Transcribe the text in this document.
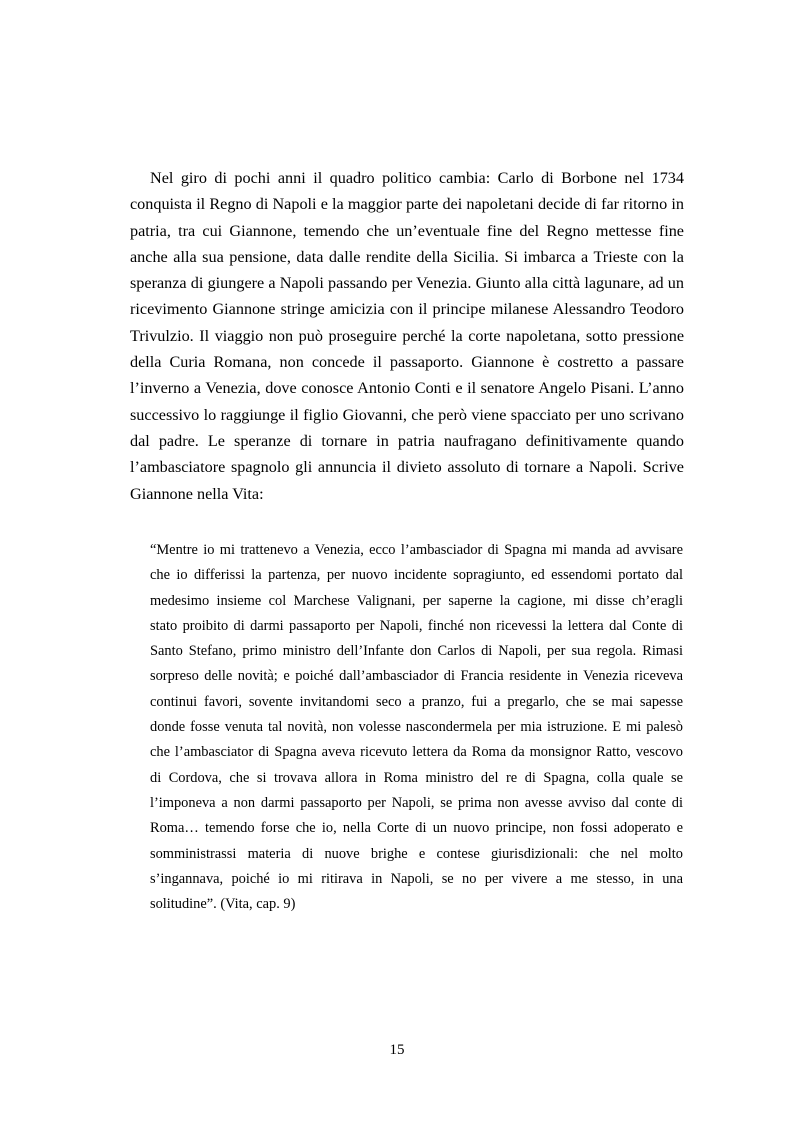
Nel giro di pochi anni il quadro politico cambia: Carlo di Borbone nel 1734
conquista il Regno di Napoli e la maggior parte dei napoletani decide di far ritorno in
patria, tra cui Giannone, temendo che un’eventuale fine del Regno mettesse fine
anche alla sua pensione, data dalle rendite della Sicilia. Si imbarca a Trieste con la
speranza di giungere a Napoli passando per Venezia. Giunto alla città lagunare, ad un
ricevimento Giannone stringe amicizia con il principe milanese Alessandro Teodoro
Trivulzio. Il viaggio non può proseguire perché la corte napoletana, sotto pressione
della Curia Romana, non concede il passaporto. Giannone è costretto a passare
l’inverno a Venezia, dove conosce Antonio Conti e il senatore Angelo Pisani. L’anno
successivo lo raggiunge il figlio Giovanni, che però viene spacciato per uno scrivano
dal padre. Le speranze di tornare in patria naufragano definitivamente quando
l’ambasciatore spagnolo gli annuncia il divieto assoluto di tornare a Napoli. Scrive
Giannone nella Vita:
“Mentre io mi trattenevo a Venezia, ecco l’ambasciador di Spagna mi manda ad avvisare
che io differissi la partenza, per nuovo incidente sopragiunto, ed essendomi portato dal
medesimo insieme col Marchese Valignani, per saperne la cagione, mi disse ch’eragli
stato proibito di darmi passaporto per Napoli, finché non ricevessi la lettera dal Conte di
Santo Stefano, primo ministro dell’Infante don Carlos di Napoli, per sua regola. Rimasi
sorpreso delle novità; e poiché dall’ambasciador di Francia residente in Venezia riceveva
continui favori, sovente invitandomi seco a pranzo, fui a pregarlo, che se mai sapesse
donde fosse venuta tal novità, non volesse nascondermela per mia istruzione. E mi palesò
che l’ambasciator di Spagna aveva ricevuto lettera da Roma da monsignor Ratto, vescovo
di Cordova, che si trovava allora in Roma ministro del re di Spagna, colla quale se
l’imponeva a non darmi passaporto per Napoli, se prima non avesse avviso dal conte di
Roma… temendo forse che io, nella Corte di un nuovo principe, non fossi adoperato e
somministrassi materia di nuove brighe e contese giurisdizionali: che nel molto
s’ingannava, poiché io mi ritirava in Napoli, se no per vivere a me stesso, in una
solitudine”. (Vita, cap. 9)
15
